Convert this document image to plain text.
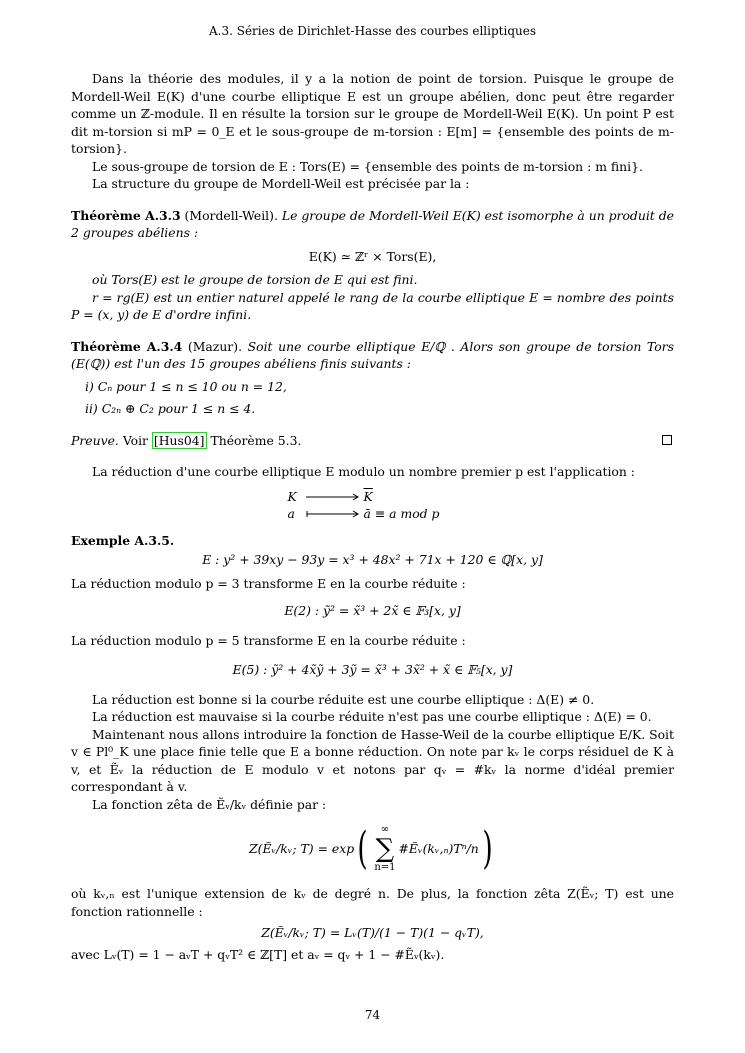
A.3. Séries de Dirichlet-Hasse des courbes elliptiques

Dans la théorie des modules, il y a la notion de point de torsion. Puisque le groupe de Mordell-Weil E(K) d'une courbe elliptique E est un groupe abélien, donc peut être regarder comme un ℤ-module. Il en résulte la torsion sur le groupe de Mordell-Weil E(K). Un point P est dit m-torsion si mP = 0_E et le sous-groupe de m-torsion : E[m] = {ensemble des points de m-torsion}.

Le sous-groupe de torsion de E : Tors(E) = {ensemble des points de m-torsion : m fini}.

La structure du groupe de Mordell-Weil est précisée par la :

Théorème A.3.3 (Mordell-Weil). Le groupe de Mordell-Weil E(K) est isomorphe à un produit de 2 groupes abéliens :

E(K) ≃ ℤʳ × Tors(E),

où Tors(E) est le groupe de torsion de E qui est fini.

r = rg(E) est un entier naturel appelé le rang de la courbe elliptique E = nombre des points P = (x, y) de E d'ordre infini.

Théorème A.3.4 (Mazur). Soit une courbe elliptique E/ℚ . Alors son groupe de torsion Tors (E(ℚ)) est l'un des 15 groupes abéliens finis suivants :

i) Cₙ pour 1 ≤ n ≤ 10 ou n = 12,
ii) C₂ₙ ⊕ C₂ pour 1 ≤ n ≤ 4.
Preuve. Voir [Hus04] Théorème 5.3.

La réduction d'une courbe elliptique E modulo un nombre premier p est l'application :

K	$\overline{K}$
a	ā ≡ a mod p

Exemple A.3.5.

E : y² + 39xy − 93y = x³ + 48x² + 71x + 120 ∈ ℚ[x, y]

La réduction modulo p = 3 transforme E en la courbe réduite :

E(2) : ỹ² = x̃³ + 2x̃ ∈ 𝔽₃[x, y]

La réduction modulo p = 5 transforme E en la courbe réduite :

E(5) : ỹ² + 4x̃ỹ + 3ỹ = x̃³ + 3x̃² + x̃ ∈ 𝔽₅[x, y]

La réduction est bonne si la courbe réduite est une courbe elliptique : Δ(E) ≠ 0.

La réduction est mauvaise si la courbe réduite n'est pas une courbe elliptique : Δ(E) = 0.

Maintenant nous allons introduire la fonction de Hasse-Weil de la courbe elliptique E/K. Soit v ∈ Pl⁰_K une place finie telle que E a bonne réduction. On note par kᵥ le corps résiduel de K à v, et Ẽᵥ la réduction de E modulo v et notons par qᵥ = #kᵥ la norme d'idéal premier correspondant à v.

La fonction zêta de Ẽᵥ/kᵥ définie par :

Z(Ẽᵥ/kᵥ; T) = exp ( ∞
∑
n=1
#Ẽᵥ(kᵥ,ₙ)Tⁿ/n )

où kᵥ,ₙ est l'unique extension de kᵥ de degré n. De plus, la fonction zêta Z(Ẽᵥ; T) est une fonction rationnelle :

Z(Ẽᵥ/kᵥ; T) = Lᵥ(T)/(1 − T)(1 − qᵥT),

avec Lᵥ(T) = 1 − aᵥT + qᵥT² ∈ ℤ[T] et aᵥ = qᵥ + 1 − #Ẽᵥ(kᵥ).

74
